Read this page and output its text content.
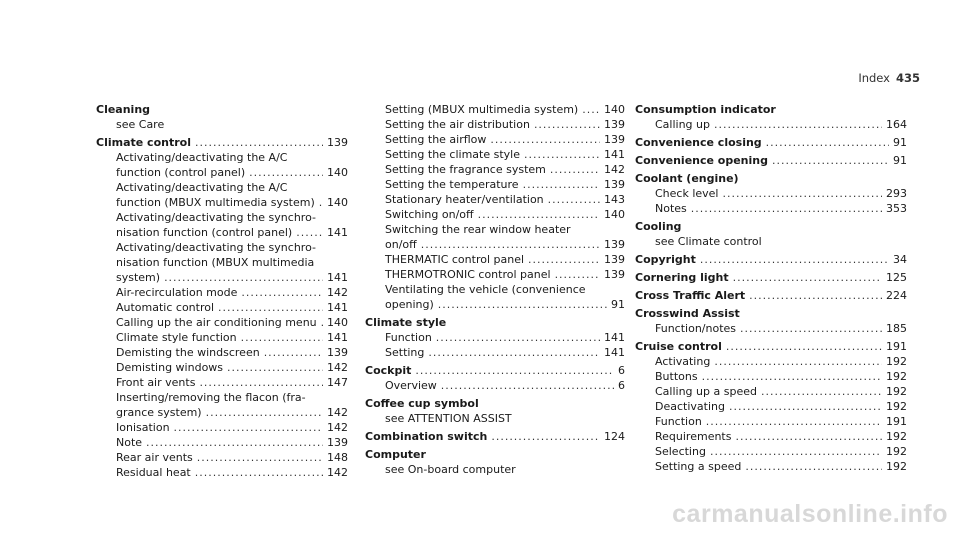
Index 435
Cleaning
see Care
Climate control .....	139
Activating/deactivating the A/C
function (control panel) .....	140
Activating/deactivating the A/C
function (MBUX multimedia system) ..... 140
Activating/deactivating the synchro-
nisation function (control panel) .....	141
Activating/deactivating the synchro-
nisation function (MBUX multimedia
system) .....	141
Air-recirculation mode .....	142
Automatic control .....	141
Calling up the air conditioning menu ..... 140
Climate style function .....	141
Demisting the windscreen .....	139
Demisting windows .....	142
Front air vents .....	147
Inserting/removing the flacon (fra-
grance system) .....	142
Ionisation .....	142
Note .....	139
Rear air vents .....	148
Residual heat .....	142
Setting (MBUX multimedia system) ..... 140
Setting the air distribution .....	139
Setting the airflow .....	139
Setting the climate style .....	141
Setting the fragrance system .....	142
Setting the temperature .....	139
Stationary heater/ventilation .....	143
Switching on/off .....	140
Switching the rear window heater
on/off .....	139
THERMATIC control panel .....	139
THERMOTRONIC control panel .....	139
Ventilating the vehicle (convenience
opening) .....	91
Climate style
Function .....	141
Setting .....	141
Cockpit .....	6
Overview .....	6
Coffee cup symbol
see ATTENTION ASSIST
Combination switch .....	124
Computer
see On-board computer
Consumption indicator
Calling up .....	164
Convenience closing .....	91
Convenience opening .....	91
Coolant (engine)
Check level .....	293
Notes .....	353
Cooling
see Climate control
Copyright .....	34
Cornering light .....	125
Cross Traffic Alert .....	224
Crosswind Assist
Function/notes .....	185
Cruise control .....	191
Activating .....	192
Buttons .....	192
Calling up a speed .....	192
Deactivating .....	192
Function .....	191
Requirements .....	192
Selecting .....	192
Setting a speed .....	192
carmanualsonline.info
